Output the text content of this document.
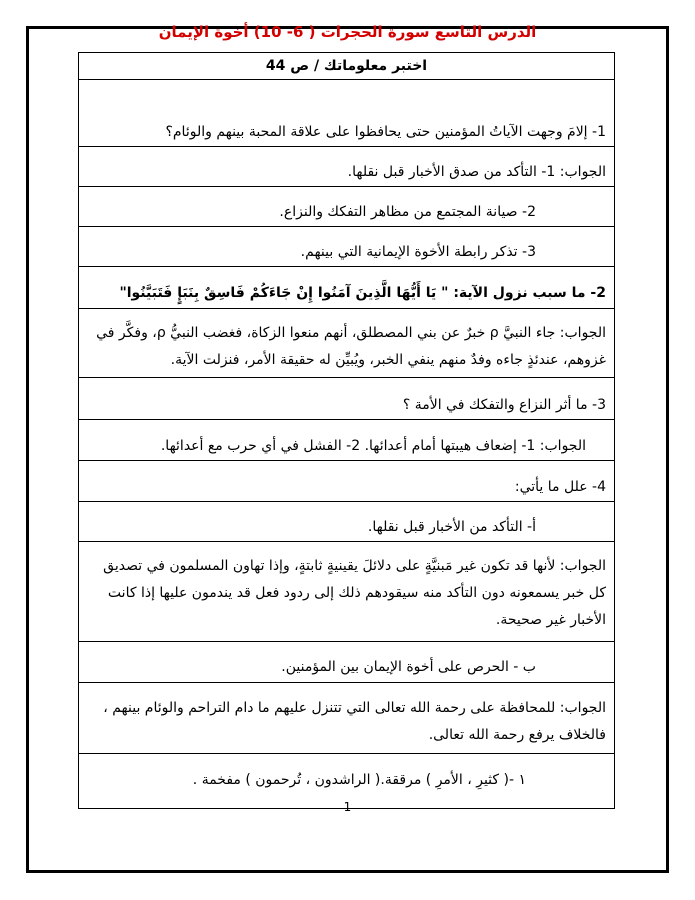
الدرس التاسع سورة الحجرات ( 6- 10) أخوة الإيمان
اختبر معلوماتك / ص 44
1- إلامَ وجهت الآياتُ المؤمنين حتى يحافظوا على علاقة المحبة بينهم والوئام؟
الجواب: 1- التأكد من صدق الأخبار قبل نقلها.
2- صيانة المجتمع من مظاهر التفكك والنزاع.
3- تذكر رابطة الأخوة الإيمانية التي بينهم.
2- ما سبب نزول الآية: " يَا أَيُّهَا الَّذِينَ آمَنُوا إِنْ جَاءَكُمْ فَاسِقٌ بِنَبَإٍ فَتَبَيَّنُوا"
الجواب: جاء النبيَّ ρ خبرٌ عن بني المصطلق، أنهم منعوا الزكاة، فغضب النبيُّ ρ، وفكَّر في غزوهم، عندئذٍ جاءه وفدٌ منهم ينفي الخبر، ويُبيِّن له حقيقة الأمر، فنزلت الآية.
3- ما أثر النزاع والتفكك في الأمة ؟
الجواب: 1- إضعاف هيبتها أمام أعدائها. 2- الفشل في أي حرب مع أعدائها.
4- علل ما يأتي:
أ- التأكد من الأخبار قبل نقلها.
الجواب: لأنها قد تكون غير مَبنيَّةٍ على دلائلَ يقينيةٍ ثابتةٍ، وإذا تهاون المسلمون في تصديق كل خبر يسمعونه دون التأكد منه سيقودهم ذلك إلى ردود فعل قد يندمون عليها إذا كانت الأخبار غير صحيحة.
ب - الحرص على أخوة الإيمان بين المؤمنين.
الجواب: للمحافظة على رحمة الله تعالى التي تتنزل عليهم ما دام التراحم والوئام بينهم ، فالخلاف يرفع رحمة الله تعالى.
١ -( كثيرِ ، الأمرِ ) مرققة.( الراشدون ، تُرحمون ) مفخمة .
1
